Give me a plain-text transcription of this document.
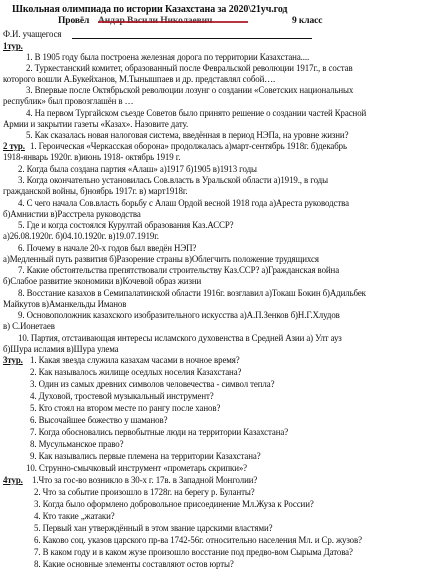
Школьная олимпиада по истории Казахстана за 2020\21уч.год
Провёл	9 класс
Ф.И. учащегося
1тур.
1. В 1905 году была построена железная дорога по территории Казахстана....
2. Туркестанский комитет, образованный после Февральской революции 1917г., в состав
которого вошли А.Букейханов, М.Тынышпаев и др. представлял собой….
3. Впервые после Октябрьской революции лозунг о создании «Советских национальных
республик» был провозглашён в …
4. На первом Тургайском съезде Советов было принято решение о создании частей Красной
Армии и закрытии газеты «Казах». Назовите дату.
5. Как сказалась новая налоговая система, введённая в период НЭПа, на уровне жизни?
2 тур. 1. Героическая «Черкасская оборона» продолжалась а)март-сентябрь 1918г. б)декабрь
1918-январь 1920г. в)июнь 1918- октябрь 1919 г.
2. Когда была создана партия «Алаш» а)1917 б)1905 в)1913 годы
3. Когда окончательно установилась Сов.власть в Уральской области а)1919., в годы
гражданской войны, б)ноябрь 1917г. в) март1918г.
4. С чего начала Сов.власть борьбу с Алаш Ордой весной 1918 года а)Ареста руководства
б)Амнистии в)Расстрела руководства
5. Где и когда состоялся Курултай образования Каз.АССР?
а)26.08.1920г. б)04.10.1920г. в)19.07.1919г.
6. Почему в начале 20-х годов был введён НЭП?
а)Медленный путь развития б)Разорение страны в)Облегчить положение трудящихся
7. Какие обстоятельства препятствовали строительству Каз.ССР? а)Гражданская война
б)Слабое развитие экономики в)Кочевой образ жизни
8. Восстание казахов в Семипалатинской области 1916г. возглавил а)Токаш Бокин б)Адильбек
Майкутов в)Аманкельды Иманов
9. Основоположник казахского изобразительного искусства а)А.П.Зенков б)Н.Г.Хлудов
в) С.Ионетаев
10. Партия, отстаивающая интересы исламского духовенства в Средней Азии а) Улт ауз
б)Шура исламия в)Шура улема
3тур. 1. Какая звезда служила казахам часами в ночное время?
2. Как называлось жилище оседлых носелия Казахстана?
3. Один из самых древних символов человечества - символ тепла?
4. Духовой, тростевой музыкальный инструмент?
5. Кто стоял на втором месте по рангу после ханов?
6. Высочайшее божество у шаманов?
7. Когда обосновались первобытные люди на территории Казахстана?
8. Мусульманское право?
9. Как назывались первые племена на территории Казахстана?
10. Струнно-смычковый инструмент «прометарь скрипки»?
4тур. 1.Что за гос-во возникло в 30-х г. 17в. в Западной Монголии?
2. Что за событие произошло в 1728г. на берегу р. Буланты?
3. Когда было оформлено добровольное присоединение Мл.Жуза к России?
4. Кто такие „жатаки?
5. Первый хан утверждённый в этом звание царскими властями?
6. Каково соц. указов царского пр-ва 1742-56г. относительно населения Мл. и Ср. жузов?
7. В каком году и в каком жузе произошло восстание под предво-вом Сырыма Датова?
8. Какие основные элементы составляют остов юрты?
